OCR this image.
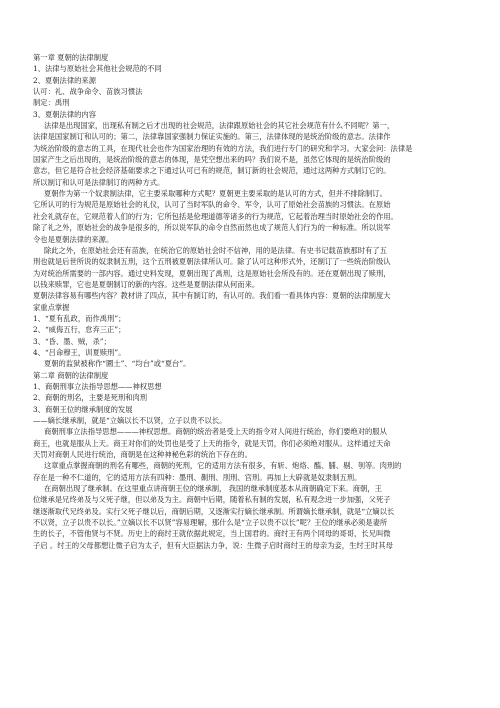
第一章 夏朝的法律制度
1、法律与原始社会其他社会规范的不同
2、夏朝法律的来源
认可：礼、战争命令、苗族习惯法
制定：禹刑
3、夏朝法律的内容
法律是出现国家，出现私有制之后才出现的社会规范，法律跟原始社会的其它社会规范有什么不同呢？第一，
法律是国家制订和认可的；第二，法律靠国家强制力保证实施的。第三，法律体现的是统治阶级的意志。法律作
为统治阶级的意志的工具，在现代社会也作为国家治理的有效的方法，我们进行专门的研究和学习。大家会问：法律是
国家产生之后出现的，是统治阶级的意志的体现，是凭空想出来的吗？我们说不是，虽然它体现的是统治阶级的
意志，但它是符合社会经济基础要求之下通过认可已有的规范，制订新的社会规范，通过这两种方式制订它的。
所以制订和认可是法律制订的两种方式。
夏朝作为第一个奴隶制法律，它主要采取哪种方式呢？夏朝更主要采取的是认可的方式，但并不排除制订。
它所认可的行为规范是原始社会的礼仪，认可了当时军队的命令、军令，认可了原始社会苗族的习惯法。在原始
社会礼就存在，它规范着人们的行为；它所包括是伦理道德等诸多的行为规范，它起着治理当时原始社会的作用。
除了礼之外，原始社会的战争是很多的，所以说军队的命令自然而然也成了规范人们行为的一种标准。所以说军
令也是夏朝法律的来源。
除此之外，在原始社会还有苗族，在统治它的原始社会时不信神，用的是法律。有史书记载苗族那时有了五
刑也就是后世所说的奴隶制五刑，这个五刑被夏朝法律所认可。除了认可这种形式外，还制订了一些统治阶级认
为对统治所需要的一部内容。通过史料发现，夏朝出现了禹刑，这是原始社会所没有的。还在夏朝出现了赎刑，
以钱来赎罪，它也是夏朝制订的新的内容。这些是夏朝法律从何而来。
夏朝法律容易有哪些内容？教材讲了四点，其中有制订的，有认可的。我们看一看具体内容：夏朝的法律制度大
家重点掌握
1、“夏有乱政，而作禹刑”；
2、“威侮五行，怠弃三正”；
3、“昏、墨、贼，杀”；
4、“吕命穆王，训夏赎刑”。
夏朝的监狱被称作“圜土”、“均台”或“夏台”。
第二章 商朝的法律制度
1、商朝刑事立法指导思想——神权思想
2、商朝的刑名，主要是死刑和肉刑
3、商朝王位的继承制度的发展
——嫡长继承制，就是“立嫡以长不以贤，立子以贵不以长。
商朝刑事立法指导思想———神权思想。商朝的统治者是受上天的指令对人间进行统治，你们要绝对的服从
商王，也就是服从上天。商王对你们的处罚也是受了上天的指令，就是天罚，你们必须绝对服从。这样通过天命
天罚对商朝人民进行统治，商朝是在这种神秘色彩的统治下存在的。
这章重点掌握商朝的刑名有哪些，商朝的死刑，它的适用方法有很多，有斩、炮烙、醢、脯、剔、刳等。肉刑的
存在是一种不仁道的，它的适用方法有四种：墨刑、劓刑、刖刑、宫刑。再加上大辟就是奴隶制五刑。
在商朝出现了继承制。在这里重点讲商朝王位的继承制， 我国的继承制度基本从商朝确定下来。商朝，王
位继承是兄终弟及与父死子继，但以弟及为主。商朝中后期，随着私有制的发展，私有观念进一步加强，父死子
继逐渐取代兄终弟及。实行父死子继以后，商朝后期，又逐渐实行嫡长继承制。所谓嫡长继承制，就是“立嫡以长
不以贤，立子以贵不以长。”立嫡以长不以贤”容易理解，那什么是“立子以贵不以长”呢？王位的继承必须是妻所
生的长子，不管他贤与不贤。历史上的商纣王就依据此规定，当上国君的。商纣王有两个同母的哥哥，长兄叫微
子启 。纣王的父母都想让微子启为太子，但有大臣据法力争，说：生微子启时商纣王的母亲为妾，生纣王时其母
